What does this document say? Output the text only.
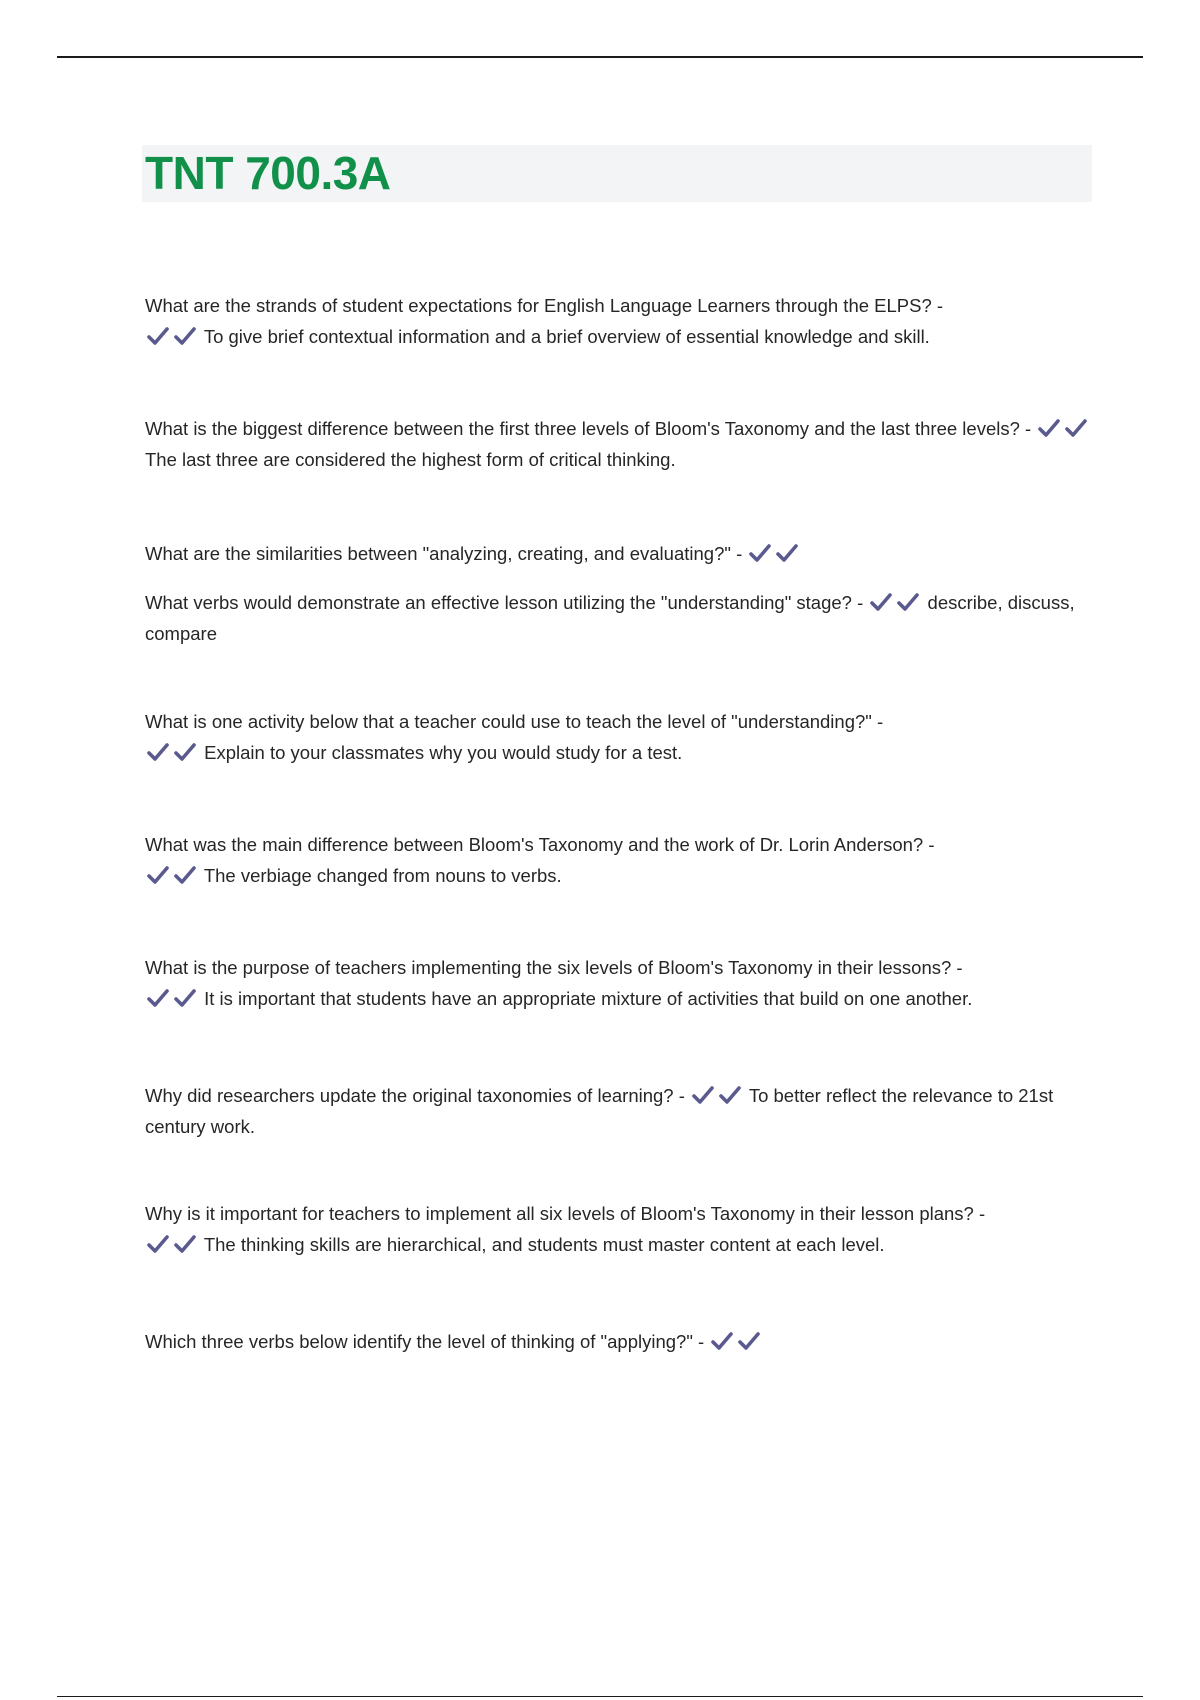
TNT 700.3A

What are the strands of student expectations for English Language Learners through the ELPS? -

To give brief contextual information and a brief overview of essential knowledge and skill.

What is the biggest difference between the first three levels of Bloom's Taxonomy and the last three levels? -
The last three are considered the highest form of critical thinking.

What are the similarities between "analyzing, creating, and evaluating?" -

What verbs would demonstrate an effective lesson utilizing the "understanding" stage? -	describe, discuss, compare

What is one activity below that a teacher could use to teach the level of "understanding?" -

Explain to your classmates why you would study for a test.

What was the main difference between Bloom's Taxonomy and the work of Dr. Lorin Anderson? -

The verbiage changed from nouns to verbs.

What is the purpose of teachers implementing the six levels of Bloom's Taxonomy in their lessons? -

It is important that students have an appropriate mixture of activities that build on one another.

Why did researchers update the original taxonomies of learning? -	To better reflect the relevance to 21st century work.

Why is it important for teachers to implement all six levels of Bloom's Taxonomy in their lesson plans? -

The thinking skills are hierarchical, and students must master content at each level.

Which three verbs below identify the level of thinking of "applying?" -
